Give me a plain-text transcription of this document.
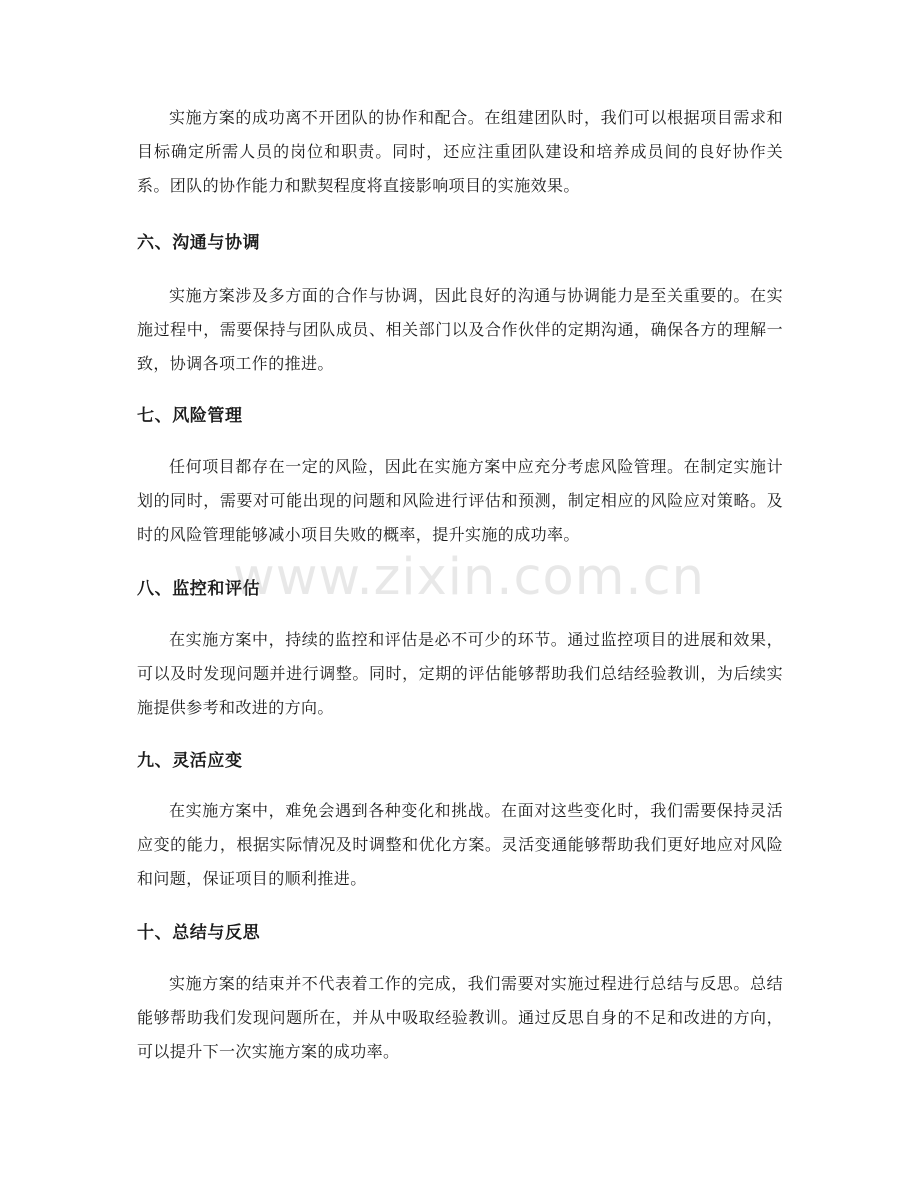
实施方案的成功离不开团队的协作和配合。在组建团队时，我们可以根据项目需求和目标确定所需人员的岗位和职责。同时，还应注重团队建设和培养成员间的良好协作关系。团队的协作能力和默契程度将直接影响项目的实施效果。

六、沟通与协调

实施方案涉及多方面的合作与协调，因此良好的沟通与协调能力是至关重要的。在实施过程中，需要保持与团队成员、相关部门以及合作伙伴的定期沟通，确保各方的理解一致，协调各项工作的推进。

七、风险管理

任何项目都存在一定的风险，因此在实施方案中应充分考虑风险管理。在制定实施计划的同时，需要对可能出现的问题和风险进行评估和预测，制定相应的风险应对策略。及时的风险管理能够减小项目失败的概率，提升实施的成功率。

八、监控和评估

在实施方案中，持续的监控和评估是必不可少的环节。通过监控项目的进展和效果，可以及时发现问题并进行调整。同时，定期的评估能够帮助我们总结经验教训，为后续实施提供参考和改进的方向。

九、灵活应变

在实施方案中，难免会遇到各种变化和挑战。在面对这些变化时，我们需要保持灵活应变的能力，根据实际情况及时调整和优化方案。灵活变通能够帮助我们更好地应对风险和问题，保证项目的顺利推进。

十、总结与反思

实施方案的结束并不代表着工作的完成，我们需要对实施过程进行总结与反思。总结能够帮助我们发现问题所在，并从中吸取经验教训。通过反思自身的不足和改进的方向，可以提升下一次实施方案的成功率。

www.zixin.com.cn
